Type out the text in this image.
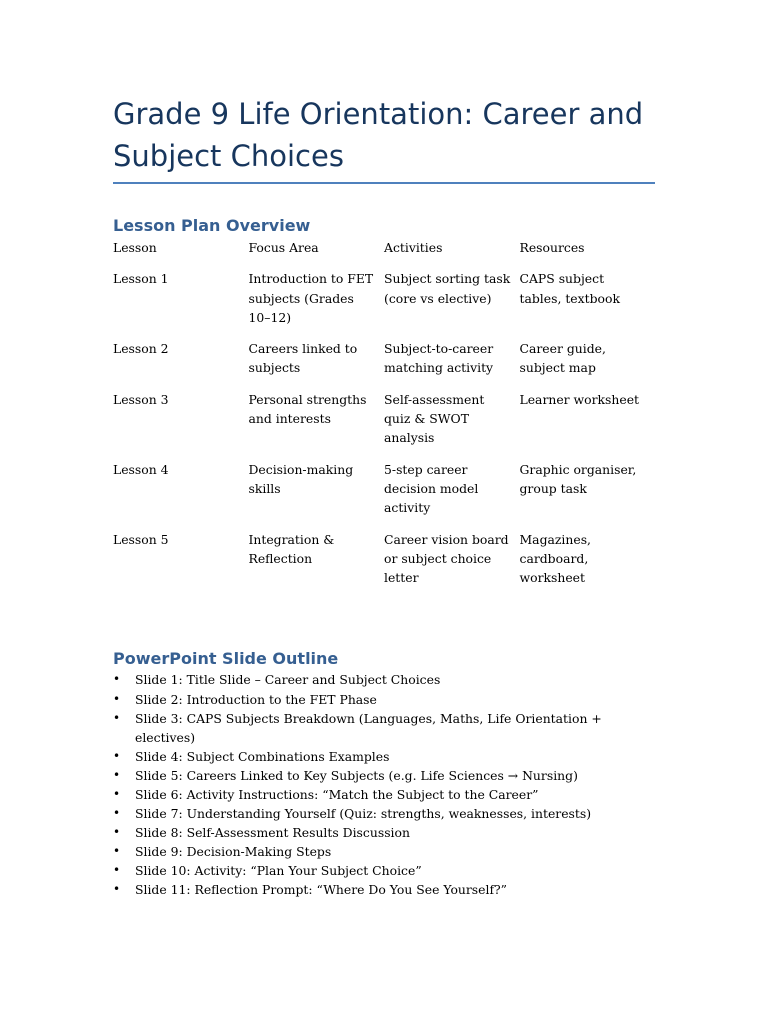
Grade 9 Life Orientation: Career and Subject Choices
Lesson Plan Overview
Lesson	Focus Area	Activities	Resources
Lesson 1	Introduction to FET subjects (Grades 10–12)	Subject sorting task (core vs elective)	CAPS subject tables, textbook
Lesson 2	Careers linked to subjects	Subject-to-career matching activity	Career guide, subject map
Lesson 3	Personal strengths and interests	Self-assessment quiz & SWOT analysis	Learner worksheet
Lesson 4	Decision-making skills	5-step career decision model activity	Graphic organiser, group task
Lesson 5	Integration & Reflection	Career vision board or subject choice letter	Magazines, cardboard, worksheet
PowerPoint Slide Outline
• Slide 1: Title Slide – Career and Subject Choices
• Slide 2: Introduction to the FET Phase
• Slide 3: CAPS Subjects Breakdown (Languages, Maths, Life Orientation + electives)
• Slide 4: Subject Combinations Examples
• Slide 5: Careers Linked to Key Subjects (e.g. Life Sciences → Nursing)
• Slide 6: Activity Instructions: “Match the Subject to the Career”
• Slide 7: Understanding Yourself (Quiz: strengths, weaknesses, interests)
• Slide 8: Self-Assessment Results Discussion
• Slide 9: Decision-Making Steps
• Slide 10: Activity: “Plan Your Subject Choice”
• Slide 11: Reflection Prompt: “Where Do You See Yourself?”
